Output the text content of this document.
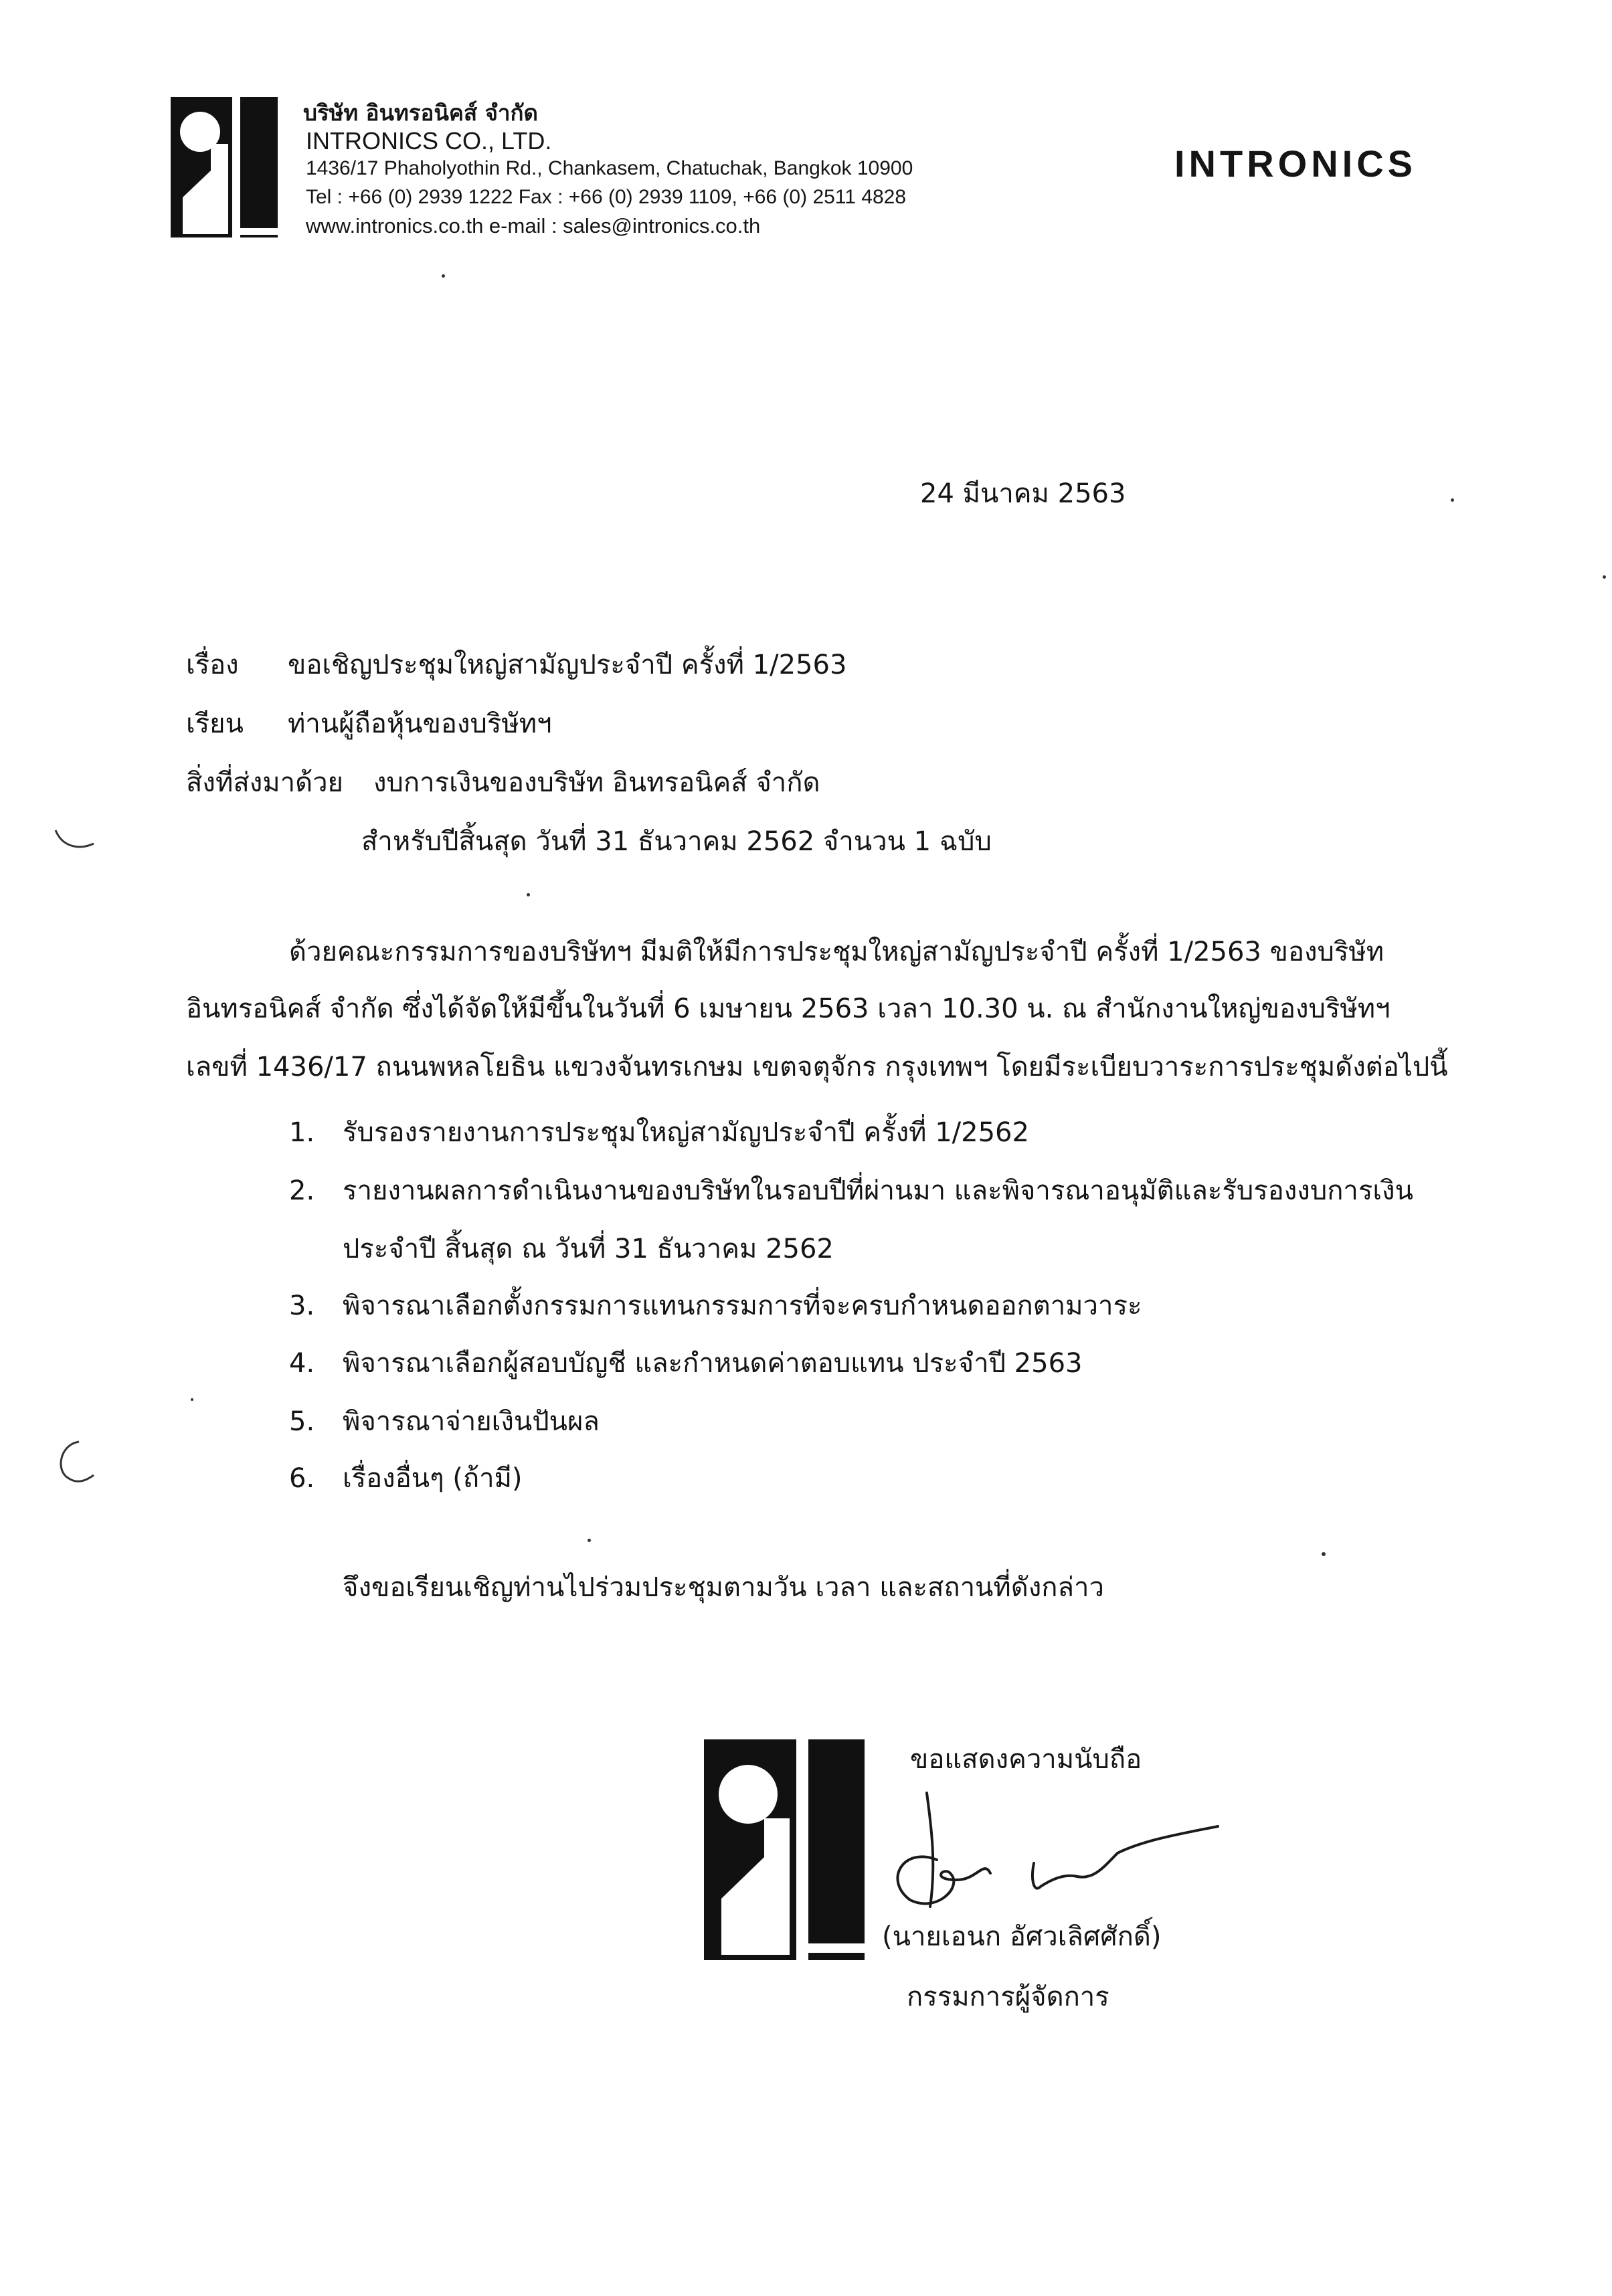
บริษัท อินทรอนิคส์ จำกัด
INTRONICS CO., LTD.
1436/17 Phaholyothin Rd., Chankasem, Chatuchak, Bangkok 10900
Tel : +66 (0) 2939 1222 Fax : +66 (0) 2939 1109, +66 (0) 2511 4828
www.intronics.co.th e-mail : sales@intronics.co.th
INTRONICS
24 มีนาคม 2563
เรื่อง ขอเชิญประชุมใหญ่สามัญประจำปี ครั้งที่ 1/2563
เรียน ท่านผู้ถือหุ้นของบริษัทฯ
สิ่งที่ส่งมาด้วย งบการเงินของบริษัท อินทรอนิคส์ จำกัด
สำหรับปีสิ้นสุด วันที่ 31 ธันวาคม 2562 จำนวน 1 ฉบับ
ด้วยคณะกรรมการของบริษัทฯ มีมติให้มีการประชุมใหญ่สามัญประจำปี ครั้งที่ 1/2563 ของบริษัท
อินทรอนิคส์ จำกัด ซึ่งได้จัดให้มีขึ้นในวันที่ 6 เมษายน 2563 เวลา 10.30 น. ณ สำนักงานใหญ่ของบริษัทฯ
เลขที่ 1436/17 ถนนพหลโยธิน แขวงจันทรเกษม เขตจตุจักร กรุงเทพฯ โดยมีระเบียบวาระการประชุมดังต่อไปนี้
1. รับรองรายงานการประชุมใหญ่สามัญประจำปี ครั้งที่ 1/2562
2. รายงานผลการดำเนินงานของบริษัทในรอบปีที่ผ่านมา และพิจารณาอนุมัติและรับรองงบการเงิน
ประจำปี สิ้นสุด ณ วันที่ 31 ธันวาคม 2562
3. พิจารณาเลือกตั้งกรรมการแทนกรรมการที่จะครบกำหนดออกตามวาระ
4. พิจารณาเลือกผู้สอบบัญชี และกำหนดค่าตอบแทน ประจำปี 2563
5. พิจารณาจ่ายเงินปันผล
6. เรื่องอื่นๆ (ถ้ามี)
จึงขอเรียนเชิญท่านไปร่วมประชุมตามวัน เวลา และสถานที่ดังกล่าว
ขอแสดงความนับถือ
(นายเอนก อัศวเลิศศักดิ์)
กรรมการผู้จัดการ
